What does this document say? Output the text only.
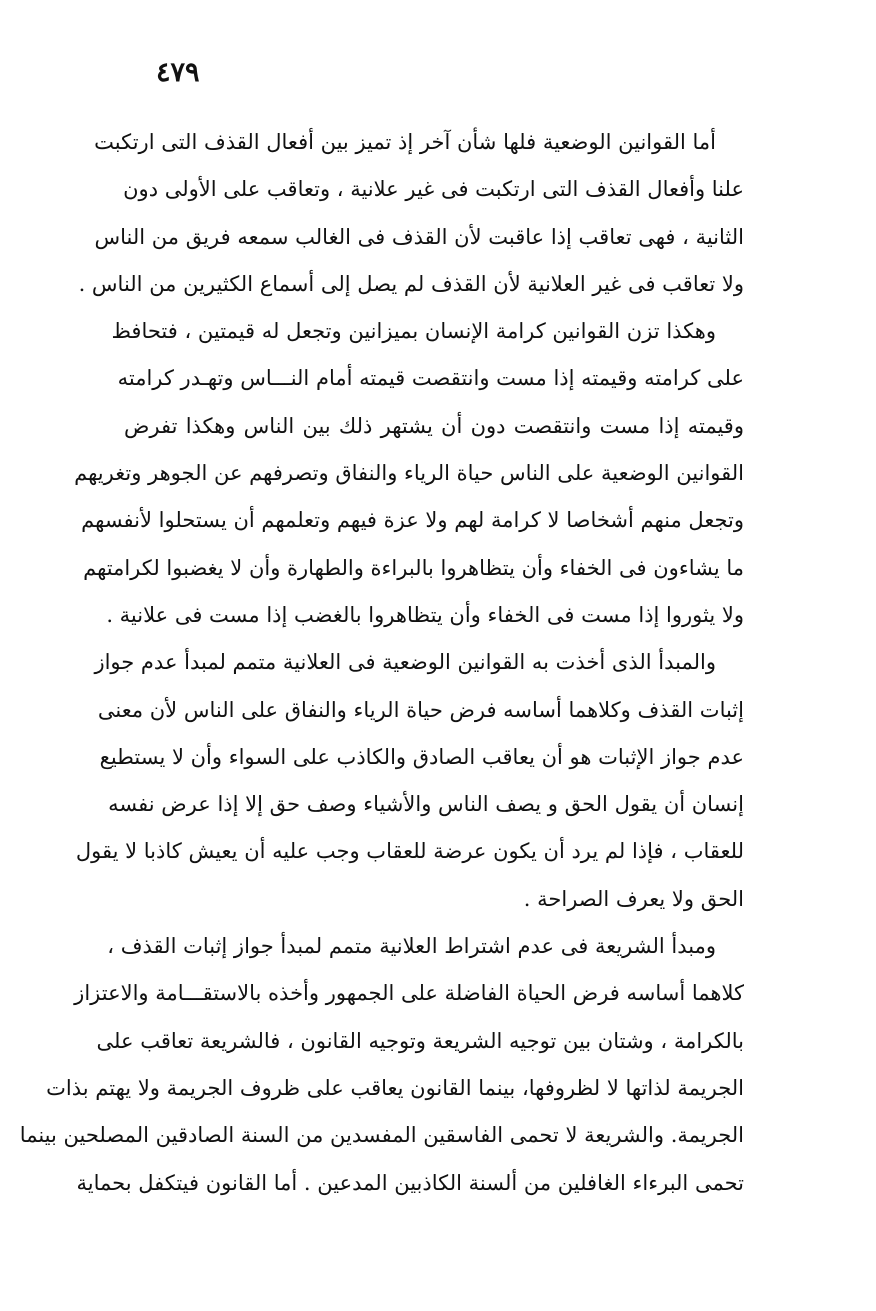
٤٧٩

أما القوانين الوضعية فلها شأن آخر إذ تميز بين أفعال القذف التى ارتكبت
علنا وأفعال القذف التى ارتكبت فى غير علانية ، وتعاقب على الأولى دون
الثانية ، فهى تعاقب إذا عاقبت لأن القذف فى الغالب سمعه فريق من الناس
ولا تعاقب فى غير العلانية لأن القذف لم يصل إلى أسماع الكثيرين من الناس .

وهكذا تزن القوانين كرامة الإنسان بميزانين وتجعل له قيمتين ، فتحافظ
على كرامته وقيمته إذا مست وانتقصت قيمته أمام النـــاس وتهـدر كرامته
وقيمته إذا مست وانتقصت دون أن يشتهر ذلك بين الناس وهكذا تفرض
القوانين الوضعية على الناس حياة الرياء والنفاق وتصرفهم عن الجوهر وتغريهم
وتجعل منهم أشخاصا لا كرامة لهم ولا عزة فيهم وتعلمهم أن يستحلوا لأنفسهم
ما يشاءون فى الخفاء وأن يتظاهروا بالبراءة والطهارة وأن لا يغضبوا لكرامتهم
ولا يثوروا إذا مست فى الخفاء وأن يتظاهروا بالغضب إذا مست فى علانية .

والمبدأ الذى أخذت به القوانين الوضعية فى العلانية متمم لمبدأ عدم جواز
إثبات القذف وكلاهما أساسه فرض حياة الرياء والنفاق على الناس لأن معنى
عدم جواز الإثبات هو أن يعاقب الصادق والكاذب على السواء وأن لا يستطيع
إنسان أن يقول الحق و يصف الناس والأشياء وصف حق إلا إذا عرض نفسه
للعقاب ، فإذا لم يرد أن يكون عرضة للعقاب وجب عليه أن يعيش كاذبا لا يقول
الحق ولا يعرف الصراحة .

ومبدأ الشريعة فى عدم اشتراط العلانية متمم لمبدأ جواز إثبات القذف ،
كلاهما أساسه فرض الحياة الفاضلة على الجمهور وأخذه بالاستقـــامة والاعتزاز
بالكرامة ، وشتان بين توجيه الشريعة وتوجيه القانون ، فالشريعة تعاقب على
الجريمة لذاتها لا لظروفها، بينما القانون يعاقب على ظروف الجريمة ولا يهتم بذات
الجريمة. والشريعة لا تحمى الفاسقين المفسدين من السنة الصادقين المصلحين بينما
تحمى البرءاء الغافلين من ألسنة الكاذبين المدعين . أما القانون فيتكفل بحماية
